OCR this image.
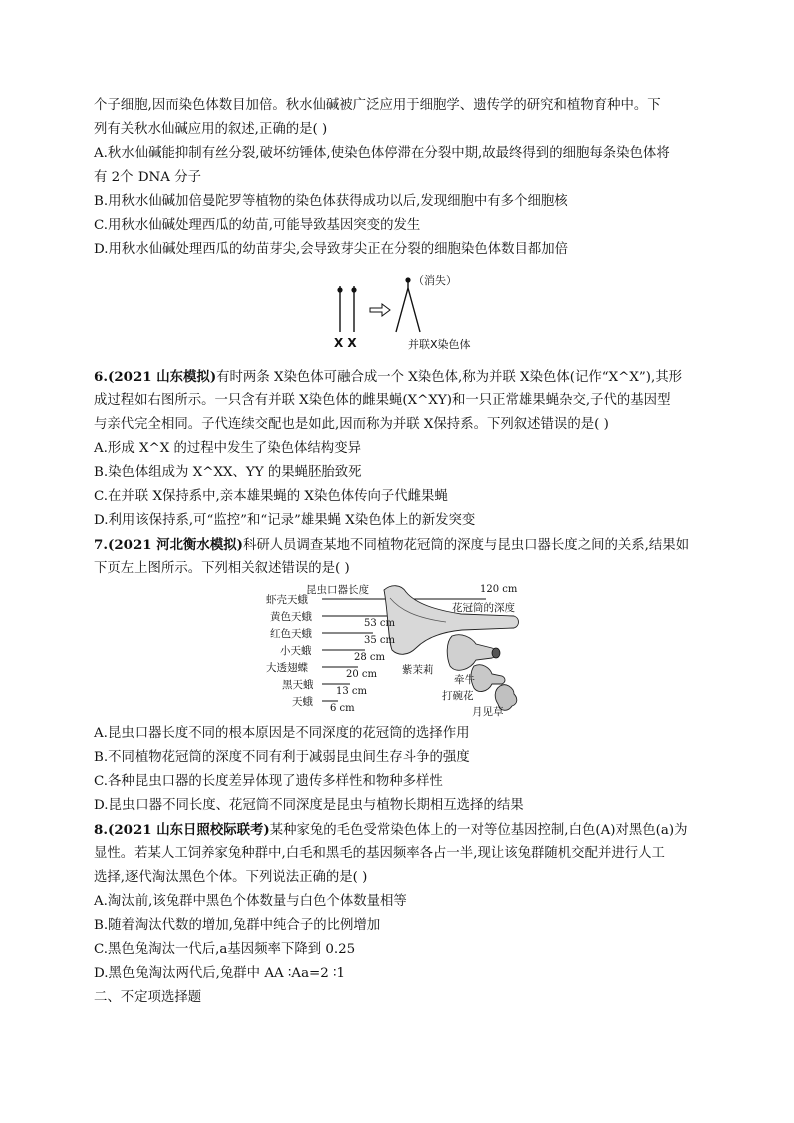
个子细胞,因而染色体数目加倍。秋水仙碱被广泛应用于细胞学、遗传学的研究和植物育种中。下
列有关秋水仙碱应用的叙述,正确的是( )
A.秋水仙碱能抑制有丝分裂,破坏纺锤体,使染色体停滞在分裂中期,故最终得到的细胞每条染色体将
有 2个 DNA 分子
B.用秋水仙碱加倍曼陀罗等植物的染色体获得成功以后,发现细胞中有多个细胞核
C.用秋水仙碱处理西瓜的幼苗,可能导致基因突变的发生
D.用秋水仙碱处理西瓜的幼苗芽尖,会导致芽尖正在分裂的细胞染色体数目都加倍
X X
（消失）
并联X染色体
6.(2021 山东模拟)有时两条 X染色体可融合成一个 X染色体,称为并联 X染色体(记作“X^X”),其形
成过程如右图所示。一只含有并联 X染色体的雌果蝇(X^XY)和一只正常雄果蝇杂交,子代的基因型
与亲代完全相同。子代连续交配也是如此,因而称为并联 X保持系。下列叙述错误的是( )
A.形成 X^X 的过程中发生了染色体结构变异
B.染色体组成为 X^XX、YY 的果蝇胚胎致死
C.在并联 X保持系中,亲本雄果蝇的 X染色体传向子代雌果蝇
D.利用该保持系,可“监控”和“记录”雄果蝇 X染色体上的新发突变
7.(2021 河北衡水模拟)科研人员调查某地不同植物花冠筒的深度与昆虫口器长度之间的关系,结果如
下页左上图所示。下列相关叙述错误的是( )
昆虫口器长度
花冠筒的深度
虾壳天蛾
黄色天蛾
红色天蛾
小天蛾
大透翅蝶
黑天蛾
天蛾
120 cm
53 cm
35 cm
28 cm
20 cm
13 cm
6 cm
紫茉莉
牵牛
打碗花
月见草
A.昆虫口器长度不同的根本原因是不同深度的花冠筒的选择作用
B.不同植物花冠筒的深度不同有利于减弱昆虫间生存斗争的强度
C.各种昆虫口器的长度差异体现了遗传多样性和物种多样性
D.昆虫口器不同长度、花冠筒不同深度是昆虫与植物长期相互选择的结果
8.(2021 山东日照校际联考)某种家兔的毛色受常染色体上的一对等位基因控制,白色(A)对黑色(a)为
显性。若某人工饲养家兔种群中,白毛和黑毛的基因频率各占一半,现让该兔群随机交配并进行人工
选择,逐代淘汰黑色个体。下列说法正确的是( )
A.淘汰前,该兔群中黑色个体数量与白色个体数量相等
B.随着淘汰代数的增加,兔群中纯合子的比例增加
C.黑色兔淘汰一代后,a基因频率下降到 0.25
D.黑色兔淘汰两代后,兔群中 AA ∶Aa=2 ∶1
二、不定项选择题
